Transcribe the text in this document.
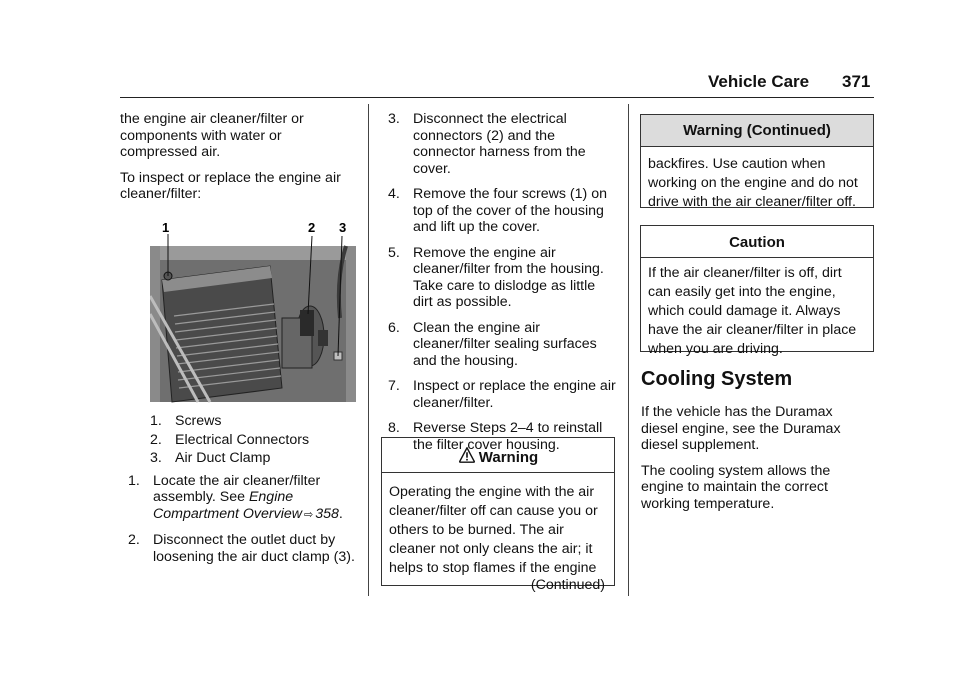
Vehicle Care 371

the engine air cleaner/filter or components with water or compressed air.

To inspect or replace the engine air cleaner/filter:

1	2 3
1. Screws
2. Electrical Connectors
3. Air Duct Clamp
1. Locate the air cleaner/filter assembly. See Engine Compartment Overview ⇨ 358.
2. Disconnect the outlet duct by loosening the air duct clamp (3).
3. Disconnect the electrical connectors (2) and the connector harness from the cover.
4. Remove the four screws (1) on top of the cover of the housing and lift up the cover.
5. Remove the engine air cleaner/filter from the housing. Take care to dislodge as little dirt as possible.
6. Clean the engine air cleaner/filter sealing surfaces and the housing.
7. Inspect or replace the engine air cleaner/filter.
8. Reverse Steps 2–4 to reinstall the filter cover housing.
Warning
Operating the engine with the air cleaner/filter off can cause you or others to be burned. The air cleaner not only cleans the air; it helps to stop flames if the engine
(Continued)
Warning (Continued)
backfires. Use caution when working on the engine and do not drive with the air cleaner/filter off.
Caution
If the air cleaner/filter is off, dirt can easily get into the engine, which could damage it. Always have the air cleaner/filter in place when you are driving.
Cooling System

If the vehicle has the Duramax diesel engine, see the Duramax diesel supplement.

The cooling system allows the engine to maintain the correct working temperature.
